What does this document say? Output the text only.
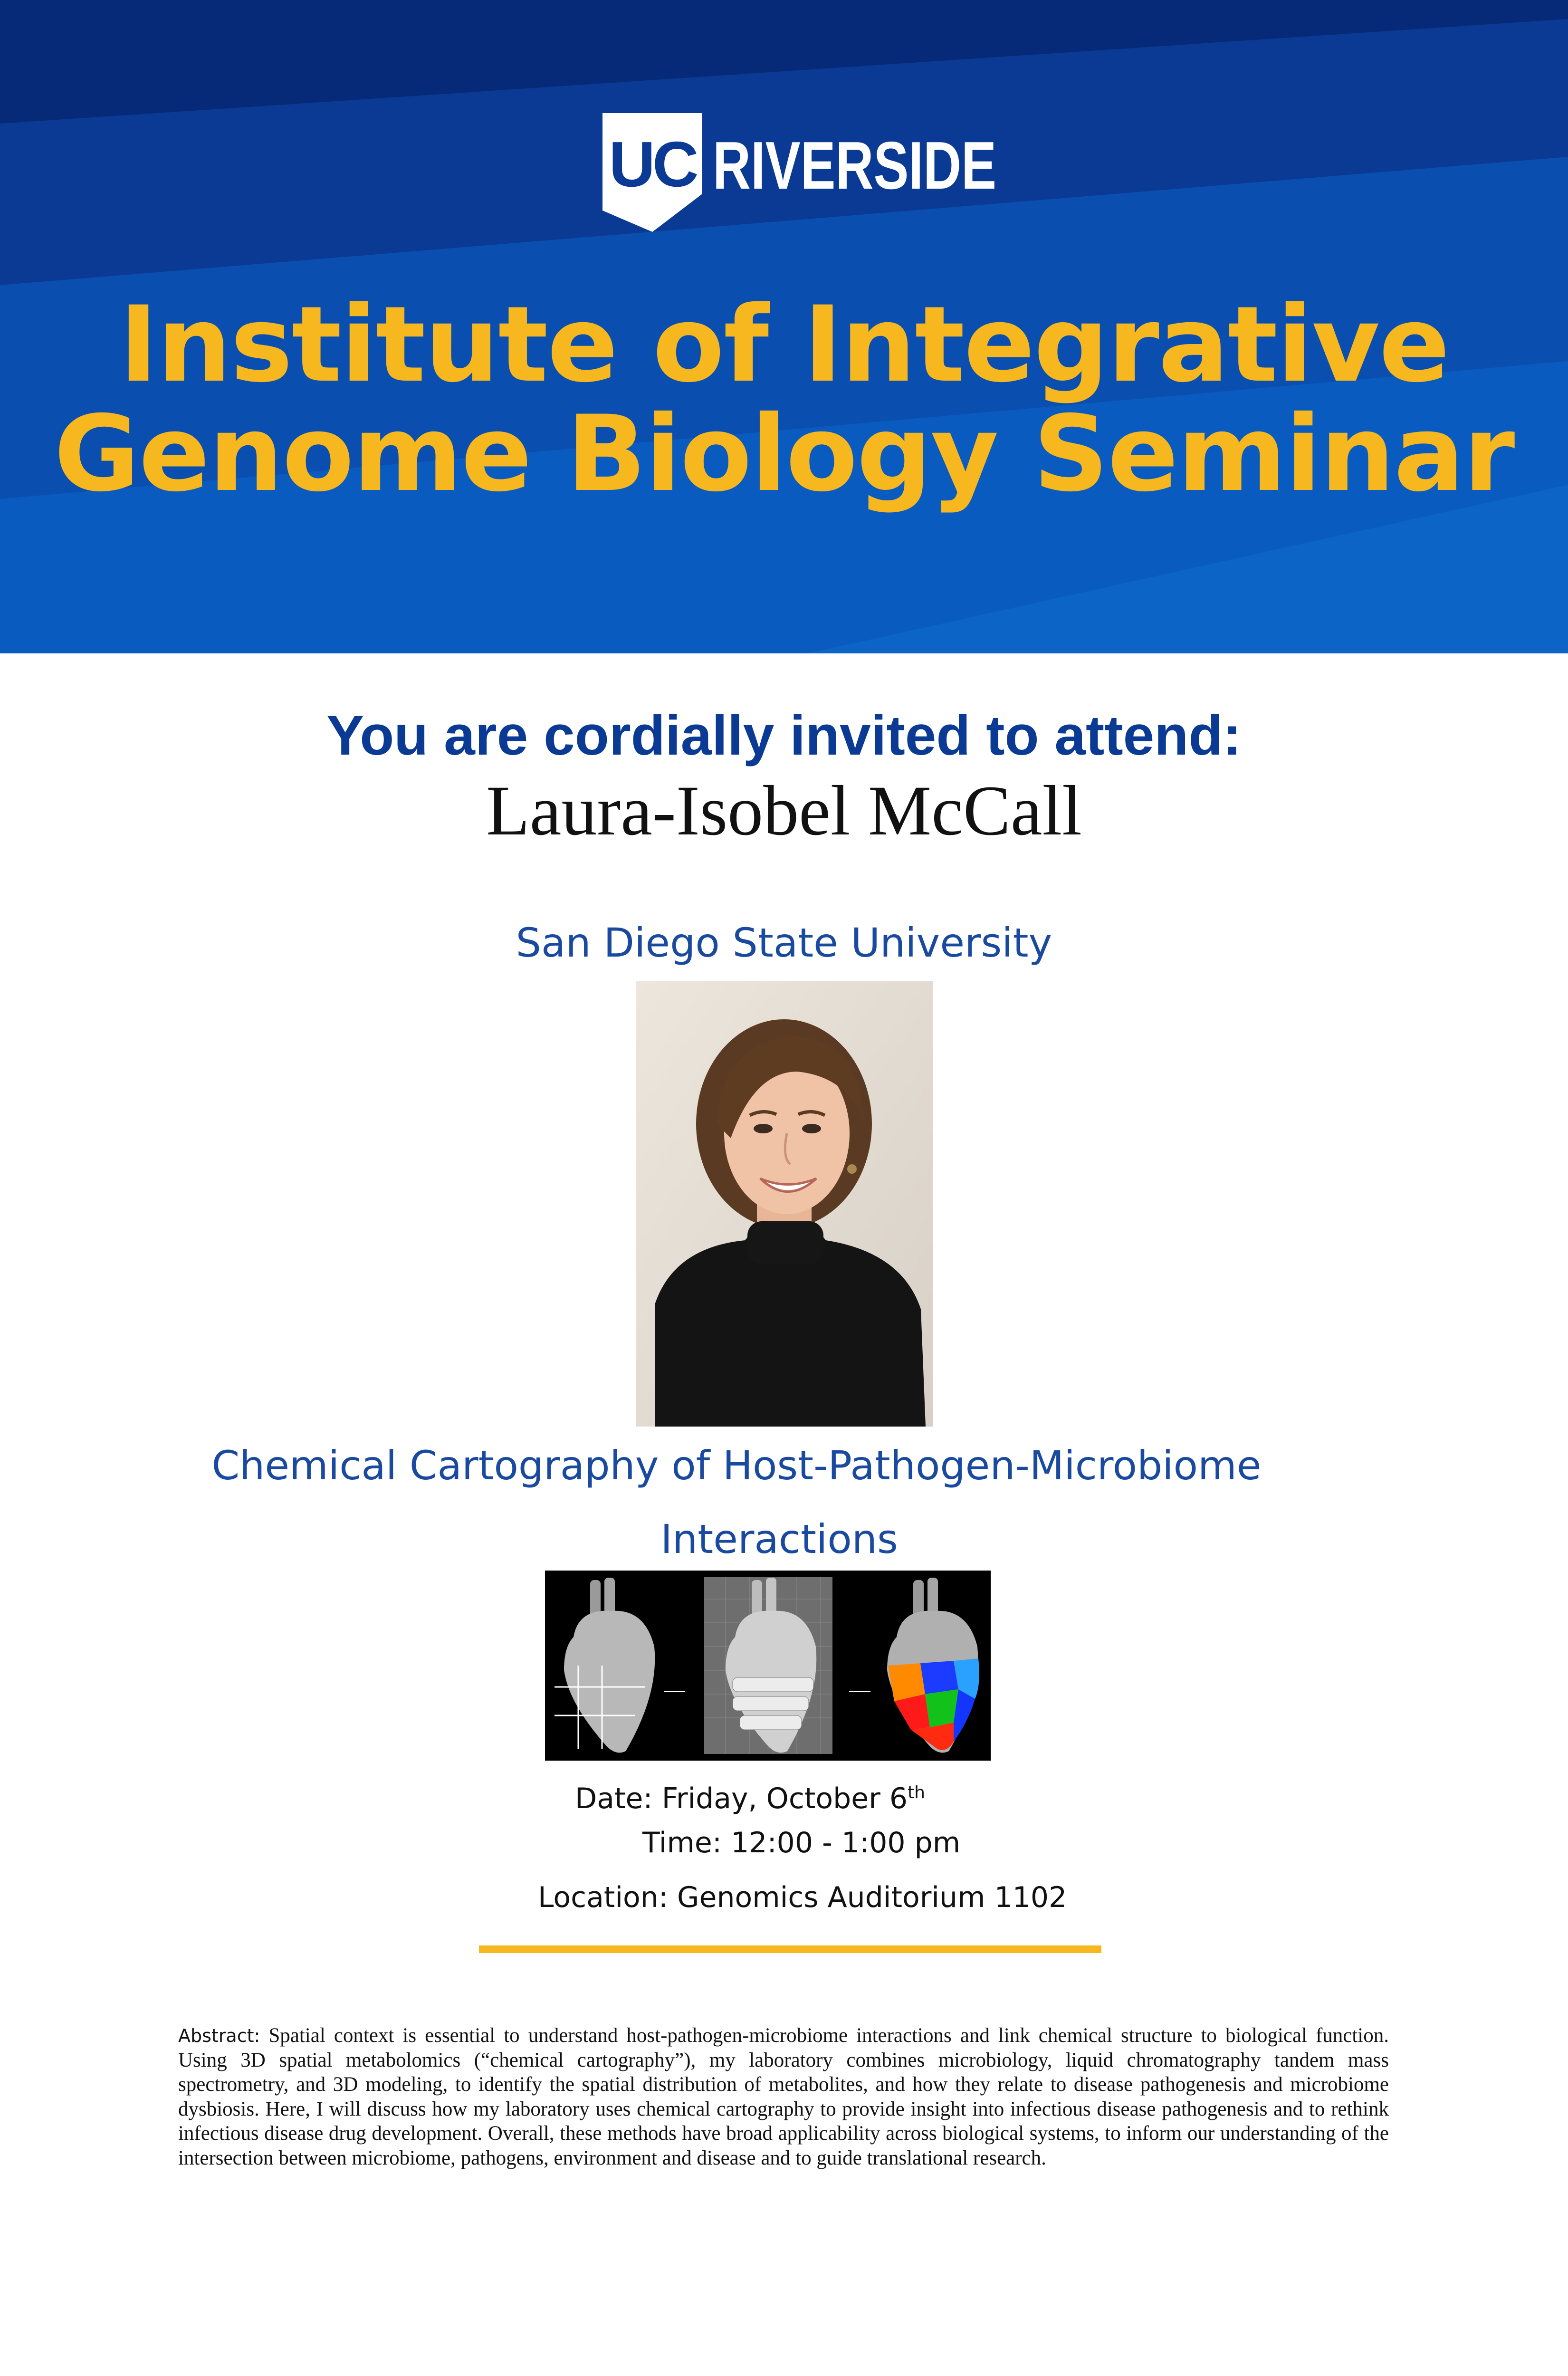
UC RIVERSIDE
Institute of Integrative
Genome Biology Seminar
You are cordially invited to attend:
Laura-Isobel McCall
San Diego State University
Chemical Cartography of Host-Pathogen-Microbiome
Interactions
Date: Friday, October 6th
Time: 12:00 - 1:00 pm
Location: Genomics Auditorium 1102
Abstract: Spatial context is essential to understand host-pathogen-microbiome interactions and link chemical structure to biological function. Using 3D spatial metabolomics (“chemical cartography”), my laboratory combines microbiology, liquid chromatography tandem mass spectrometry, and 3D modeling, to identify the spatial distribution of metabolites, and how they relate to disease pathogenesis and microbiome dysbiosis. Here, I will discuss how my laboratory uses chemical cartography to provide insight into infectious disease pathogenesis and to rethink infectious disease drug development. Overall, these methods have broad applicability across biological systems, to inform our understanding of the intersection between microbiome, pathogens, environment and disease and to guide translational research.
